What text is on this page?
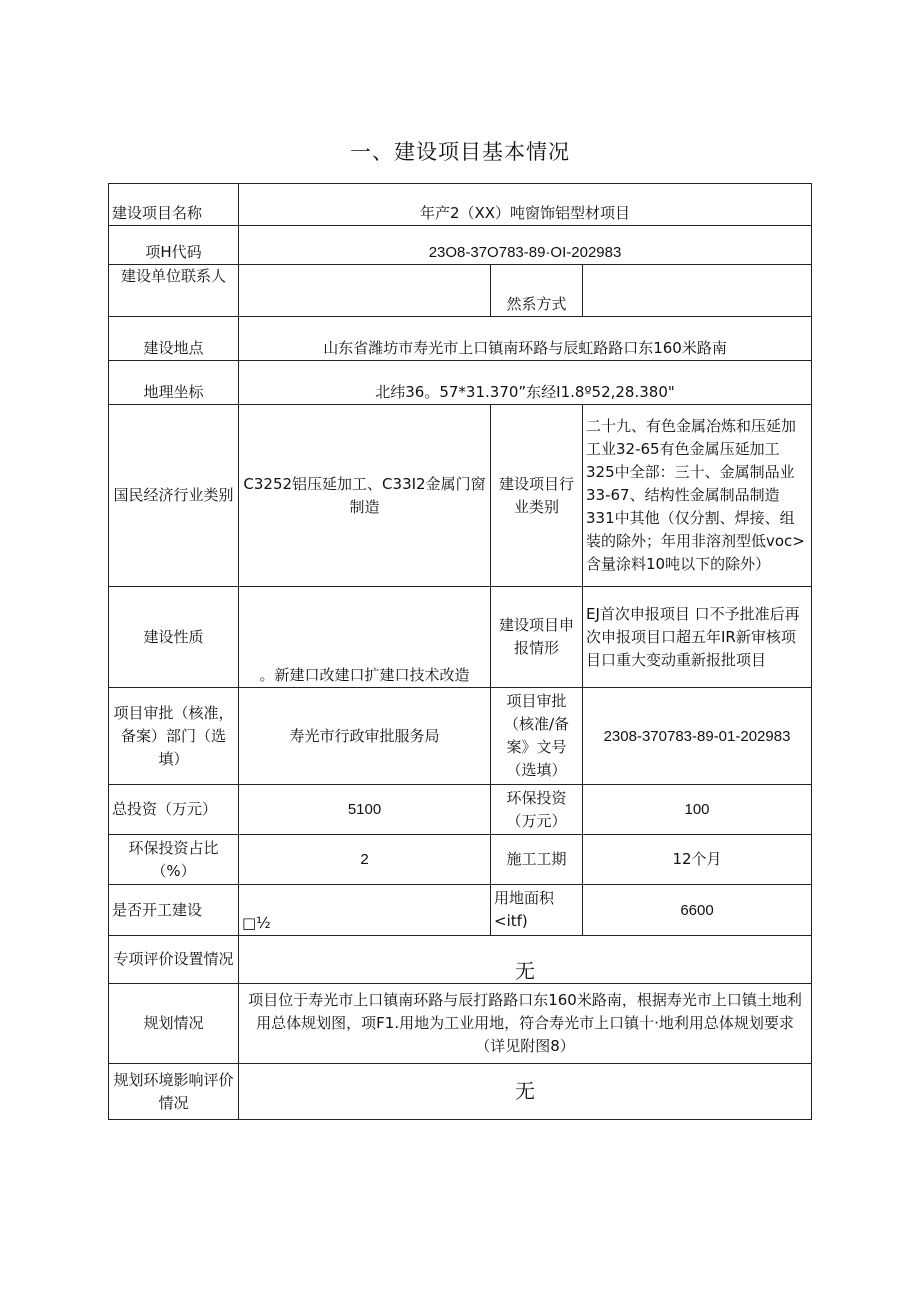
一、建设项目基本情况
建设项目名称	年产2（XX）吨窗饰铝型材项目		
项H代码	23O8-37O783-89·OI-202983		
建设单位联系人		然系方式	
建设地点	山东省潍坊市寿光市上口镇南环路与辰虹路路口东160米路南		
地理坐标	北纬36。57*31.370”东经I1.8º52,28.380"		
国民经济行业类别	C3252铝压延加工、C33I2金属门窗制造	建设项目行业类别	二十九、有色金属冶炼和压延加工业32-65有色金属压延加工325中全部：三十、金属制品业33-67、结构性金属制品制造331中其他（仅分割、焊接、组装的除外；年用非溶剂型低voc>含量涂料10吨以下的除外）
建设性质	。新建口改建口扩建口技术改造	建设项目申报情形	EJ首次申报项目 口不予批准后再次申报项目口超五年IR新审核项目口重大变动重新报批项目
项目审批（核准，备案）部门（选填）	寿光市行政审批服务局	项目审批（核准/备案》文号（选填）	2308-370783-89-01-202983
总投资（万元）	5100	环保投资（万元）	100
环保投资占比（%）	2	施工工期	12个月
是否开工建设	□½	用地面积<itf)	6600
专项评价设置情况	无		
规划情况	项目位于寿光市上口镇南环路与辰打路路口东160米路南，根据寿光市上口镇土地利用总体规划图，项F1.用地为工业用地，符合寿光市上口镇十·地利用总体规划要求（详见附图8）		
规划环境影响评价情况	无		
